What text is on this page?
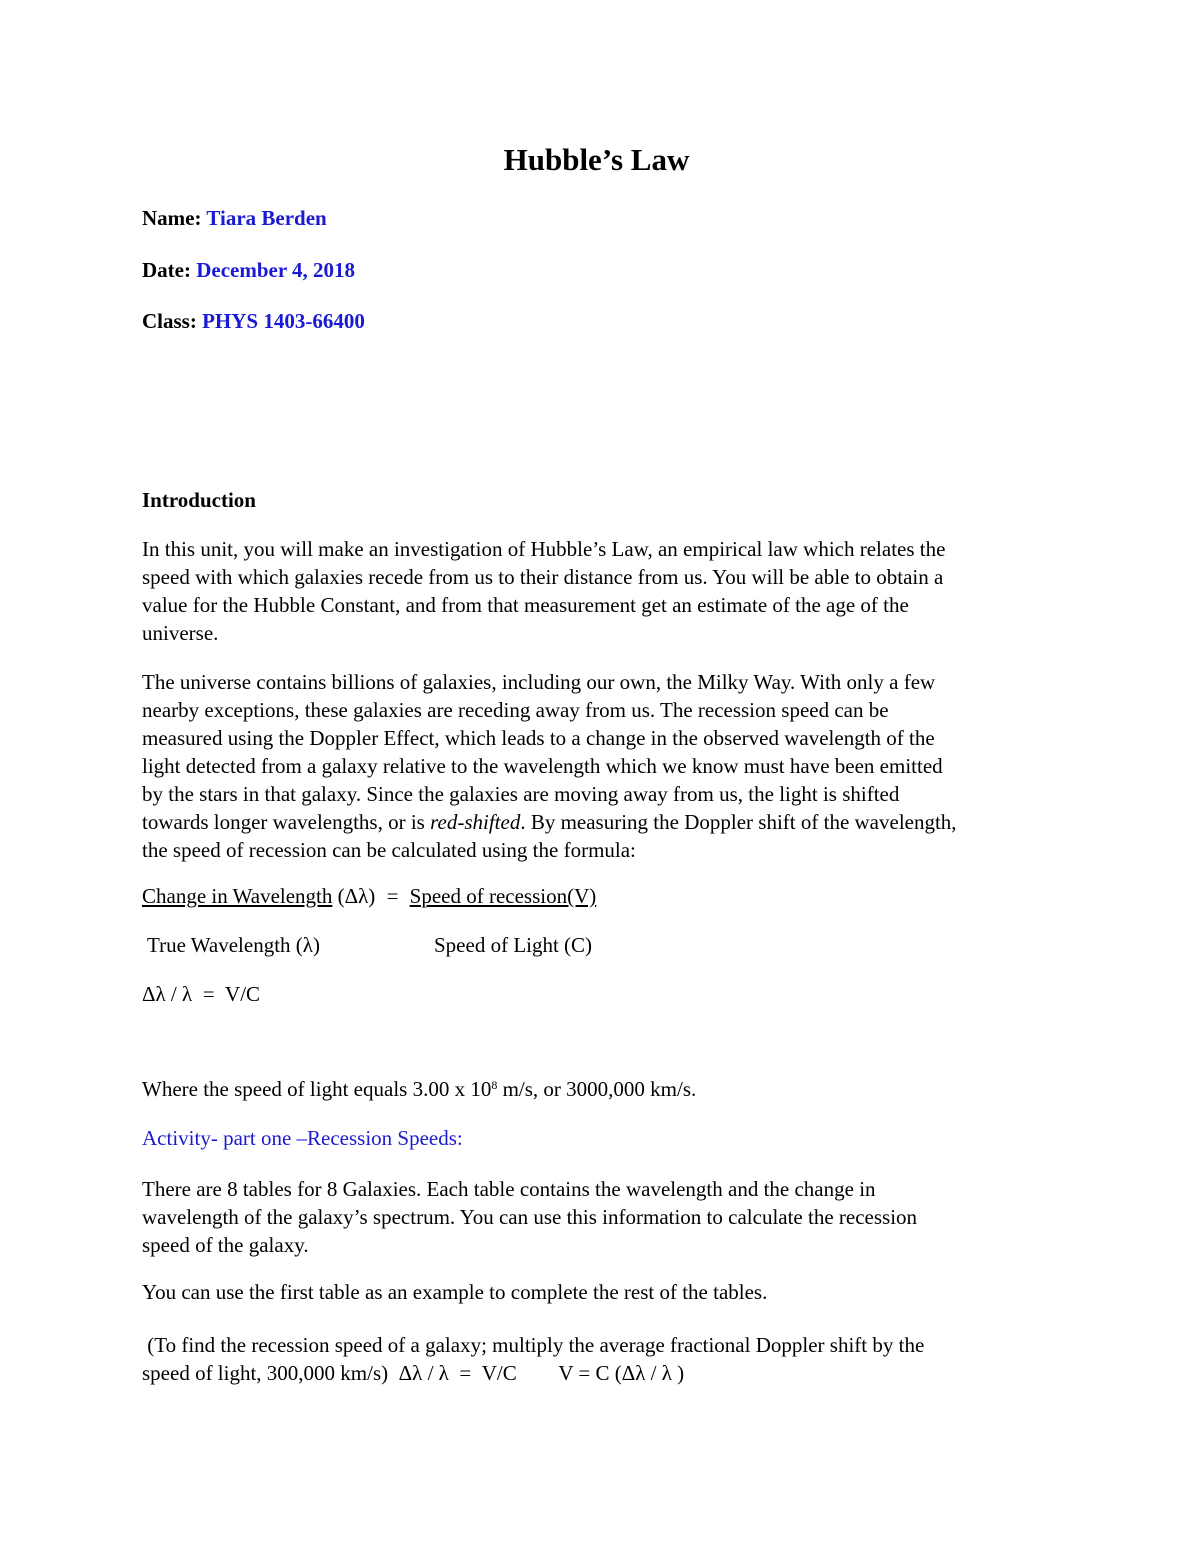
Hubble’s Law
Name: Tiara Berden
Date: December 4, 2018
Class: PHYS 1403-66400
Introduction
In this unit, you will make an investigation of Hubble’s Law, an empirical law which relates the
speed with which galaxies recede from us to their distance from us. You will be able to obtain a
value for the Hubble Constant, and from that measurement get an estimate of the age of the
universe.
The universe contains billions of galaxies, including our own, the Milky Way. With only a few
nearby exceptions, these galaxies are receding away from us. The recession speed can be
measured using the Doppler Effect, which leads to a change in the observed wavelength of the
light detected from a galaxy relative to the wavelength which we know must have been emitted
by the stars in that galaxy. Since the galaxies are moving away from us, the light is shifted
towards longer wavelengths, or is red-shifted. By measuring the Doppler shift of the wavelength,
the speed of recession can be calculated using the formula:
Change in Wavelength (Δλ) = Speed of recession(V)
True Wavelength (λ)	Speed of Light (C)
Δλ / λ  =  V/C
Where the speed of light equals 3.00 x $10^8$ m/s, or 3000,000 km/s.
Activity- part one –Recession Speeds:
There are 8 tables for 8 Galaxies. Each table contains the wavelength and the change in
wavelength of the galaxy’s spectrum. You can use this information to calculate the recession
speed of the galaxy.
You can use the first table as an example to complete the rest of the tables.
(To find the recession speed of a galaxy; multiply the average fractional Doppler shift by the
speed of light, 300,000 km/s)  Δλ / λ  =  V/C        V = C (Δλ / λ )
